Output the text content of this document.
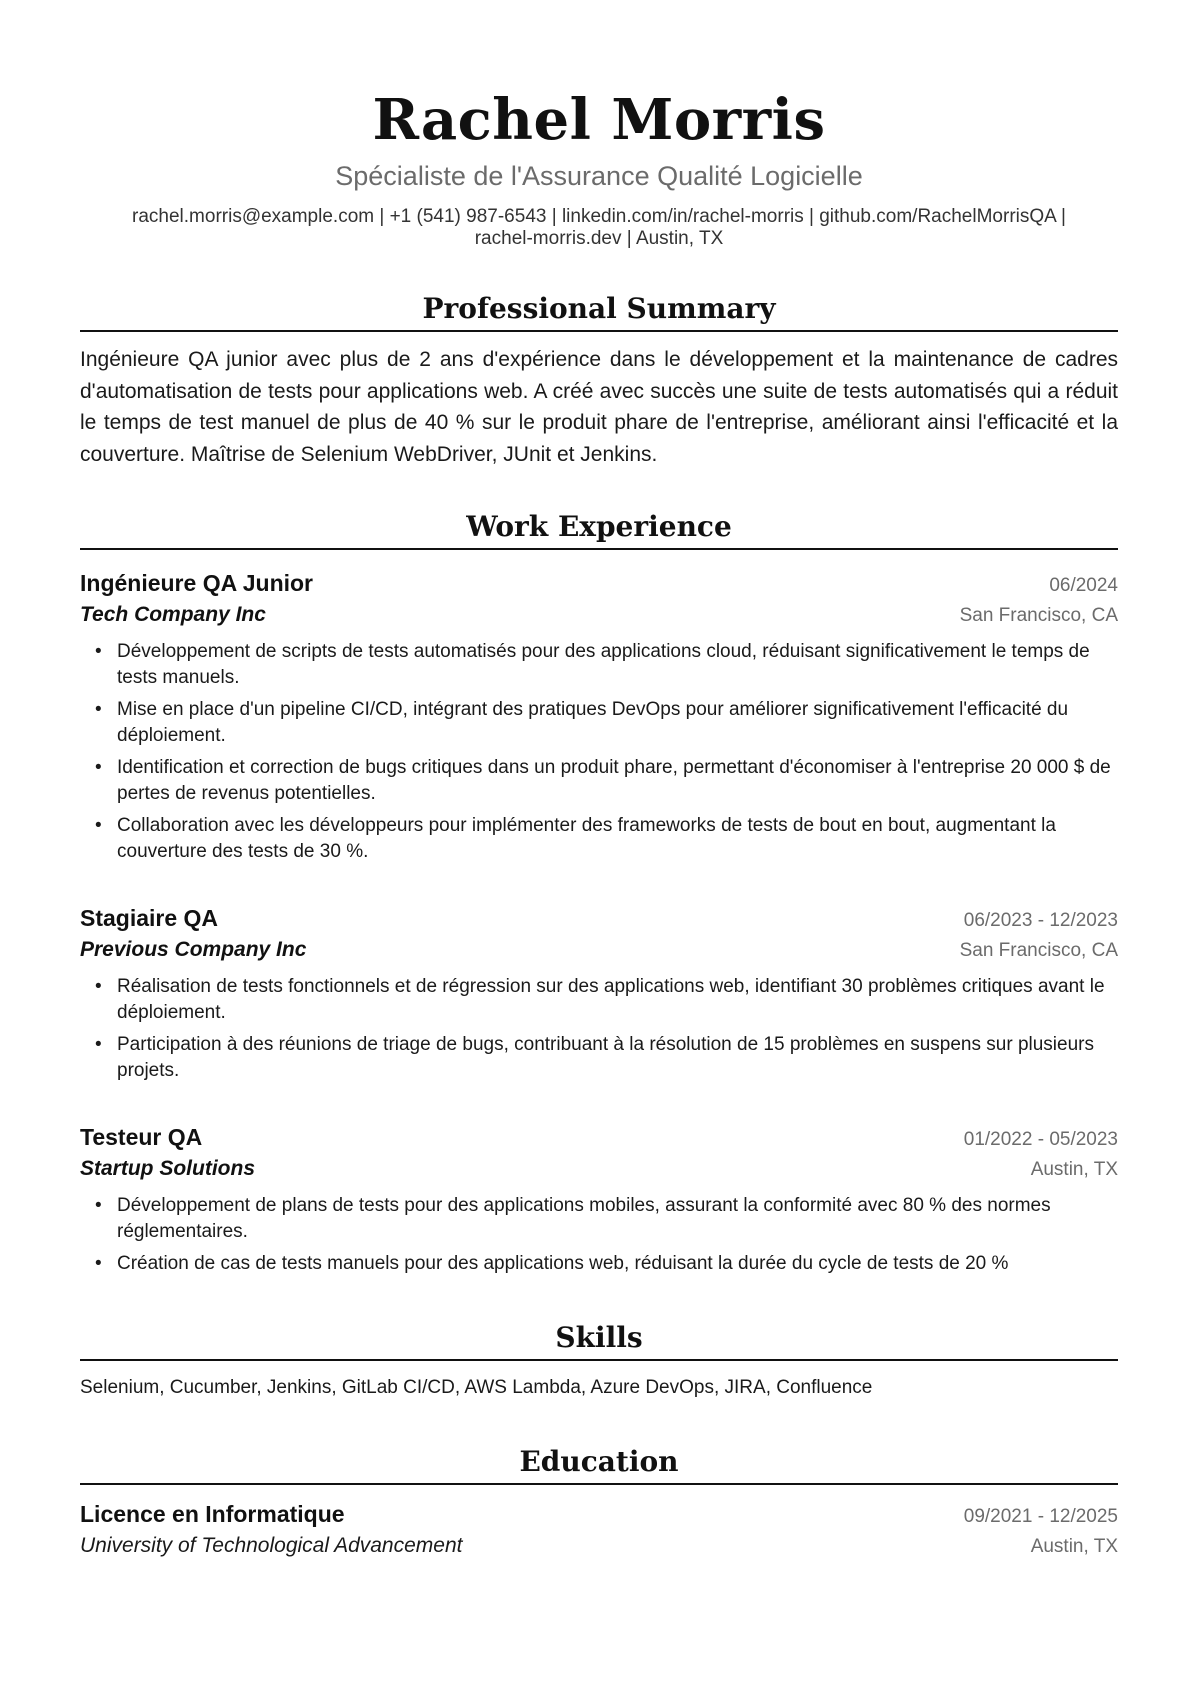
Rachel Morris
Spécialiste de l'Assurance Qualité Logicielle
rachel.morris@example.com | +1 (541) 987-6543 | linkedin.com/in/rachel-morris | github.com/RachelMorrisQA |
rachel-morris.dev | Austin, TX
Professional Summary
Ingénieure QA junior avec plus de 2 ans d'expérience dans le développement et la maintenance de cadres d'automatisation de tests pour applications web. A créé avec succès une suite de tests automatisés qui a réduit le temps de test manuel de plus de 40 % sur le produit phare de l'entreprise, améliorant ainsi l'efficacité et la couverture. Maîtrise de Selenium WebDriver, JUnit et Jenkins.
Work Experience
Ingénieure QA Junior	06/2024
Tech Company Inc	San Francisco, CA
• Développement de scripts de tests automatisés pour des applications cloud, réduisant significativement le temps de tests manuels.
• Mise en place d'un pipeline CI/CD, intégrant des pratiques DevOps pour améliorer significativement l'efficacité du déploiement.
• Identification et correction de bugs critiques dans un produit phare, permettant d'économiser à l'entreprise 20 000 $ de pertes de revenus potentielles.
• Collaboration avec les développeurs pour implémenter des frameworks de tests de bout en bout, augmentant la couverture des tests de 30 %.
Stagiaire QA	06/2023 - 12/2023
Previous Company Inc	San Francisco, CA
• Réalisation de tests fonctionnels et de régression sur des applications web, identifiant 30 problèmes critiques avant le déploiement.
• Participation à des réunions de triage de bugs, contribuant à la résolution de 15 problèmes en suspens sur plusieurs projets.
Testeur QA	01/2022 - 05/2023
Startup Solutions	Austin, TX
• Développement de plans de tests pour des applications mobiles, assurant la conformité avec 80 % des normes réglementaires.
• Création de cas de tests manuels pour des applications web, réduisant la durée du cycle de tests de 20 %
Skills
Selenium, Cucumber, Jenkins, GitLab CI/CD, AWS Lambda, Azure DevOps, JIRA, Confluence
Education
Licence en Informatique	09/2021 - 12/2025
University of Technological Advancement	Austin, TX
